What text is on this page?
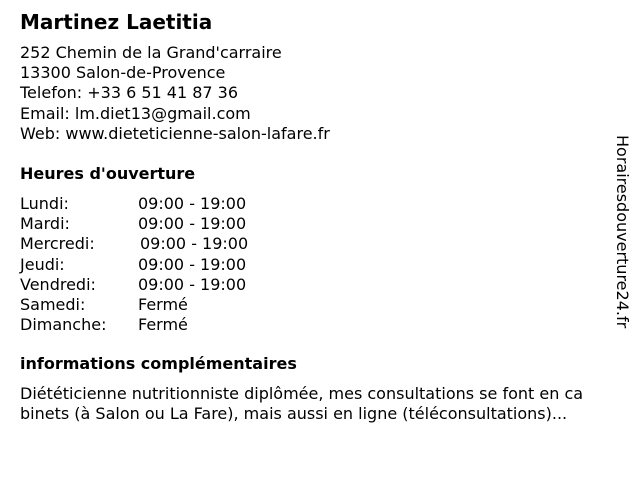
Martinez Laetitia
252 Chemin de la Grand'carraire
13300 Salon-de-Provence
Telefon: +33 6 51 41 87 36
Email: lm.diet13@gmail.com
Web: www.dieteticienne-salon-lafare.fr
Heures d'ouverture
Lundi:	09:00 - 19:00
Mardi:	09:00 - 19:00
Mercredi:	09:00 - 19:00
Jeudi:	09:00 - 19:00
Vendredi:	09:00 - 19:00
Samedi:	Fermé
Dimanche: Fermé
informations complémentaires
Diététicienne nutritionniste diplômée, mes consultations se font en ca
binets (à Salon ou La Fare), mais aussi en ligne (téléconsultations)...
Horairesdouverture24.fr
